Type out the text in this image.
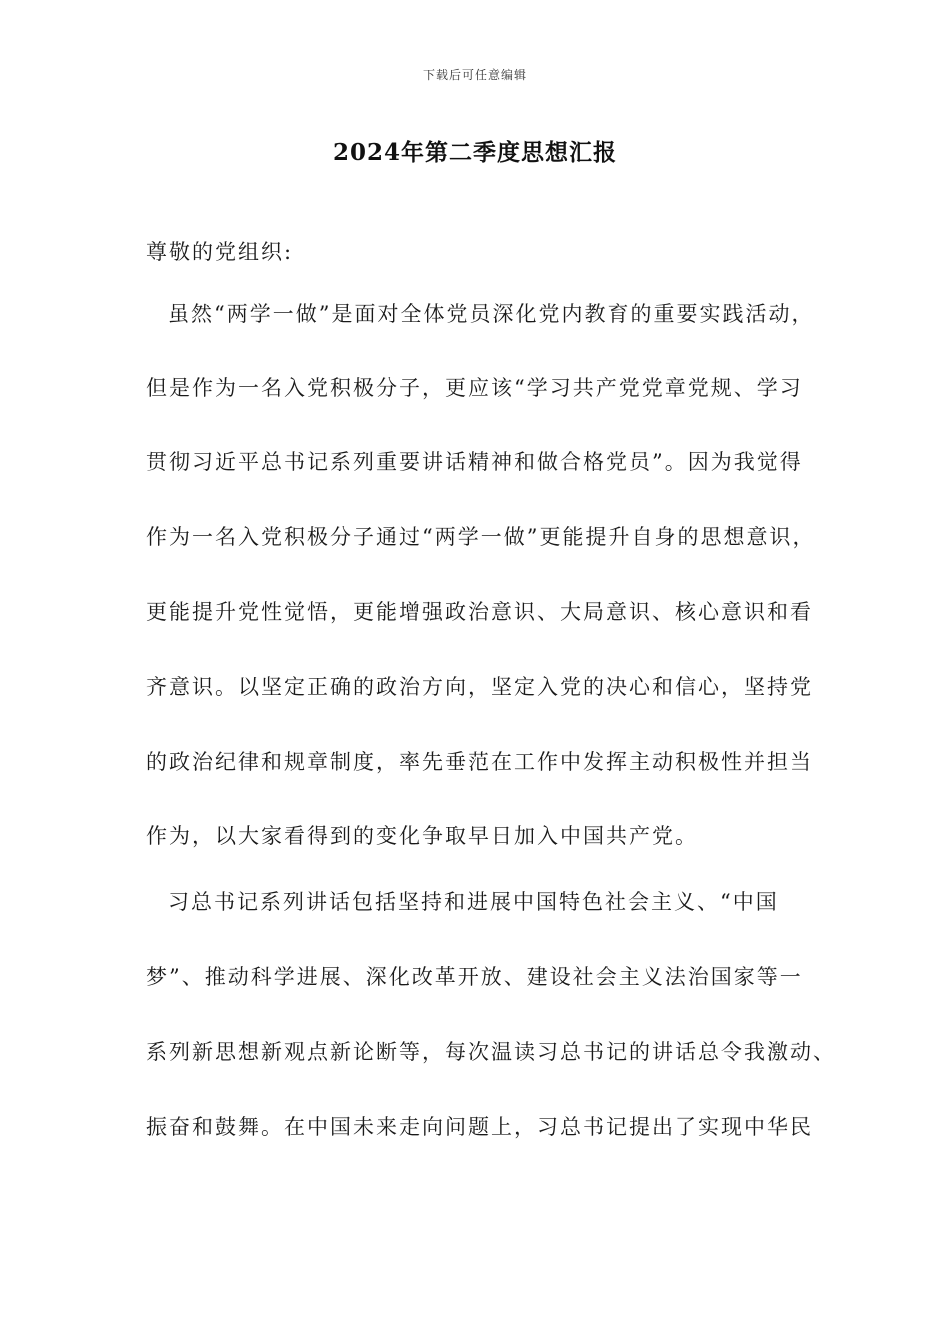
下载后可任意编辑
2024年第二季度思想汇报
尊敬的党组织:
虽然“两学一做”是面对全体党员深化党内教育的重要实践活动，
但是作为一名入党积极分子，更应该“学习共产党党章党规、学习
贯彻习近平总书记系列重要讲话精神和做合格党员”。因为我觉得
作为一名入党积极分子通过“两学一做”更能提升自身的思想意识，
更能提升党性觉悟，更能增强政治意识、大局意识、核心意识和看
齐意识。以坚定正确的政治方向，坚定入党的决心和信心，坚持党
的政治纪律和规章制度，率先垂范在工作中发挥主动积极性并担当
作为，以大家看得到的变化争取早日加入中国共产党。
习总书记系列讲话包括坚持和进展中国特色社会主义、“中国
梦”、推动科学进展、深化改革开放、建设社会主义法治国家等一
系列新思想新观点新论断等，每次温读习总书记的讲话总令我激动、
振奋和鼓舞。在中国未来走向问题上，习总书记提出了实现中华民
